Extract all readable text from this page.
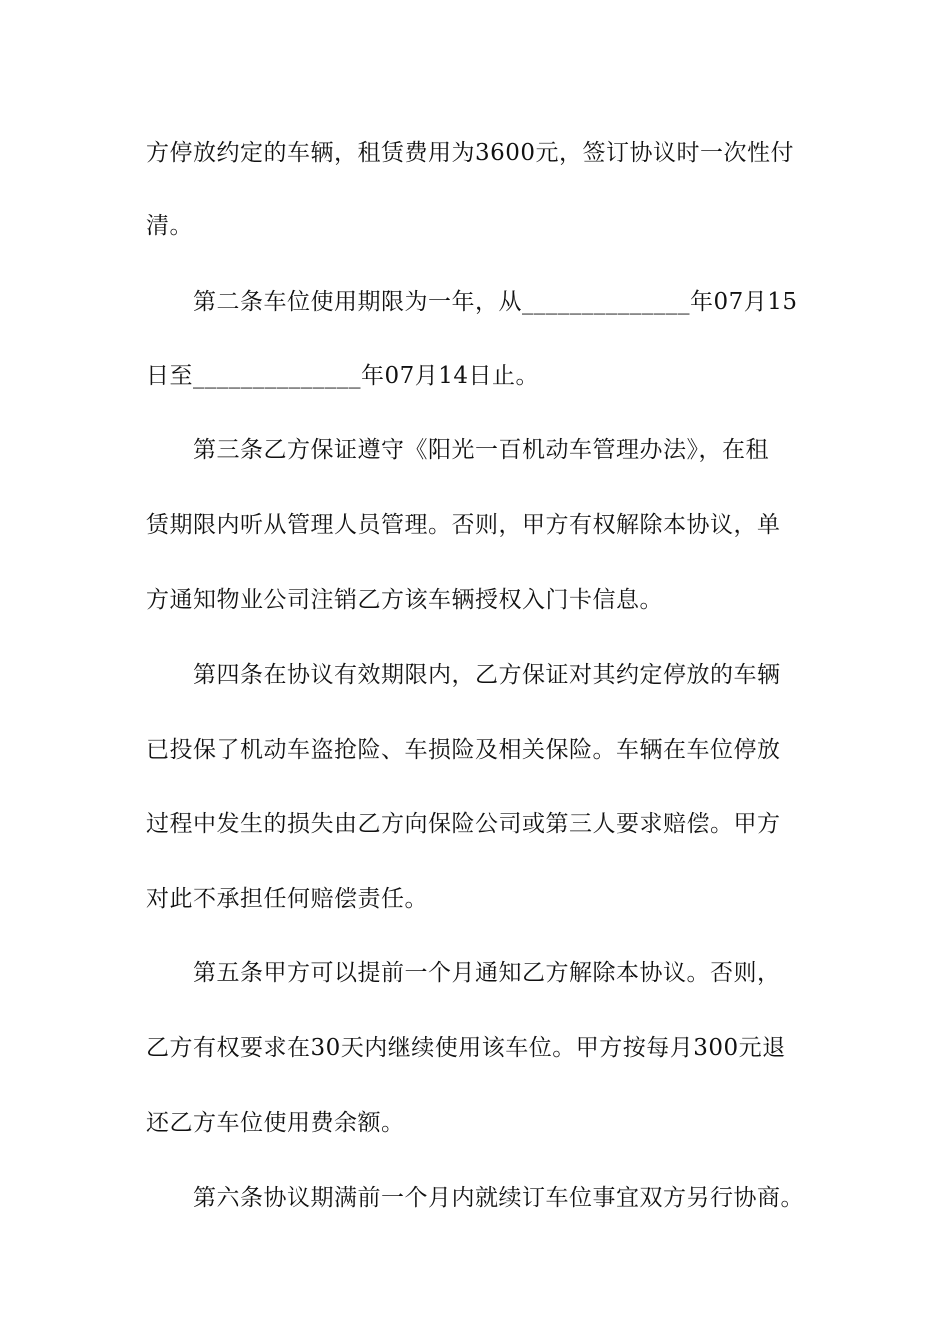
方停放约定的车辆，租赁费用为3600元，签订协议时一次性付
清。
第二条车位使用期限为一年，从______________年07月15
日至______________年07月14日止。
第三条乙方保证遵守《阳光一百机动车管理办法》，在租
赁期限内听从管理人员管理。否则，甲方有权解除本协议，单
方通知物业公司注销乙方该车辆授权入门卡信息。
第四条在协议有效期限内，乙方保证对其约定停放的车辆
已投保了机动车盗抢险、车损险及相关保险。车辆在车位停放
过程中发生的损失由乙方向保险公司或第三人要求赔偿。甲方
对此不承担任何赔偿责任。
第五条甲方可以提前一个月通知乙方解除本协议。否则，
乙方有权要求在30天内继续使用该车位。甲方按每月300元退
还乙方车位使用费余额。
第六条协议期满前一个月内就续订车位事宜双方另行协商。
